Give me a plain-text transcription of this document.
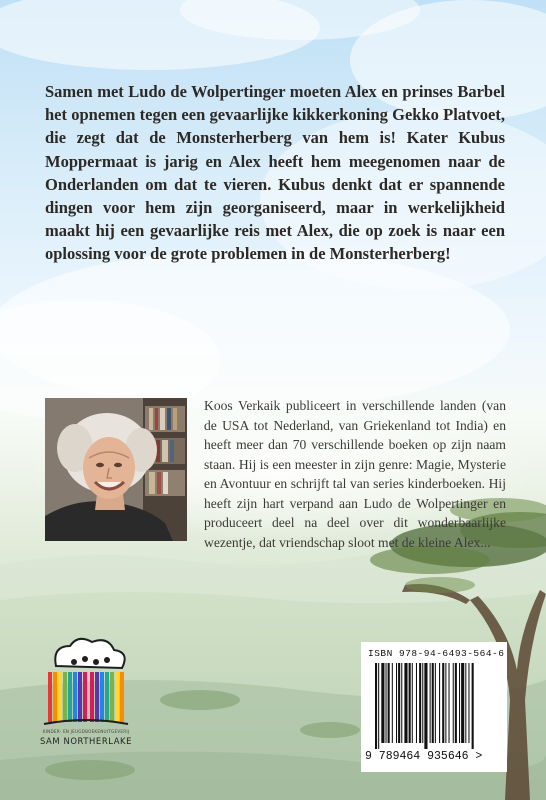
Samen met Ludo de Wolpertinger moeten Alex en prinses Barbel het opnemen tegen een gevaarlijke kikkerkoning Gekko Platvoet, die zegt dat de Monsterherberg van hem is! Kater Kubus Moppermaat is jarig en Alex heeft hem meegenomen naar de Onderlanden om dat te vieren. Kubus denkt dat er spannende dingen voor hem zijn georganiseerd, maar in werkelijkheid maakt hij een gevaarlijke reis met Alex, die op zoek is naar een oplossing voor de grote problemen in de Monsterherberg!

Koos Verkaik publiceert in verschillende landen (van de USA tot Nederland, van Griekenland tot India) en heeft meer dan 70 verschillende boeken op zijn naam staan. Hij is een meester in zijn genre: Magie, Mysterie en Avontuur en schrijft tal van series kinderboeken. Hij heeft zijn hart verpand aan Ludo de Wolpertinger en produceert deel na deel over dit wonderbaarlijke wezentje, dat vriendschap sloot met de kleine Alex...

KINDER- EN JEUGDBOEKENUITGEVERIJ
SAM NORTHERLAKE
ISBN 978-94-6493-564-6
9 789464 935646 >
